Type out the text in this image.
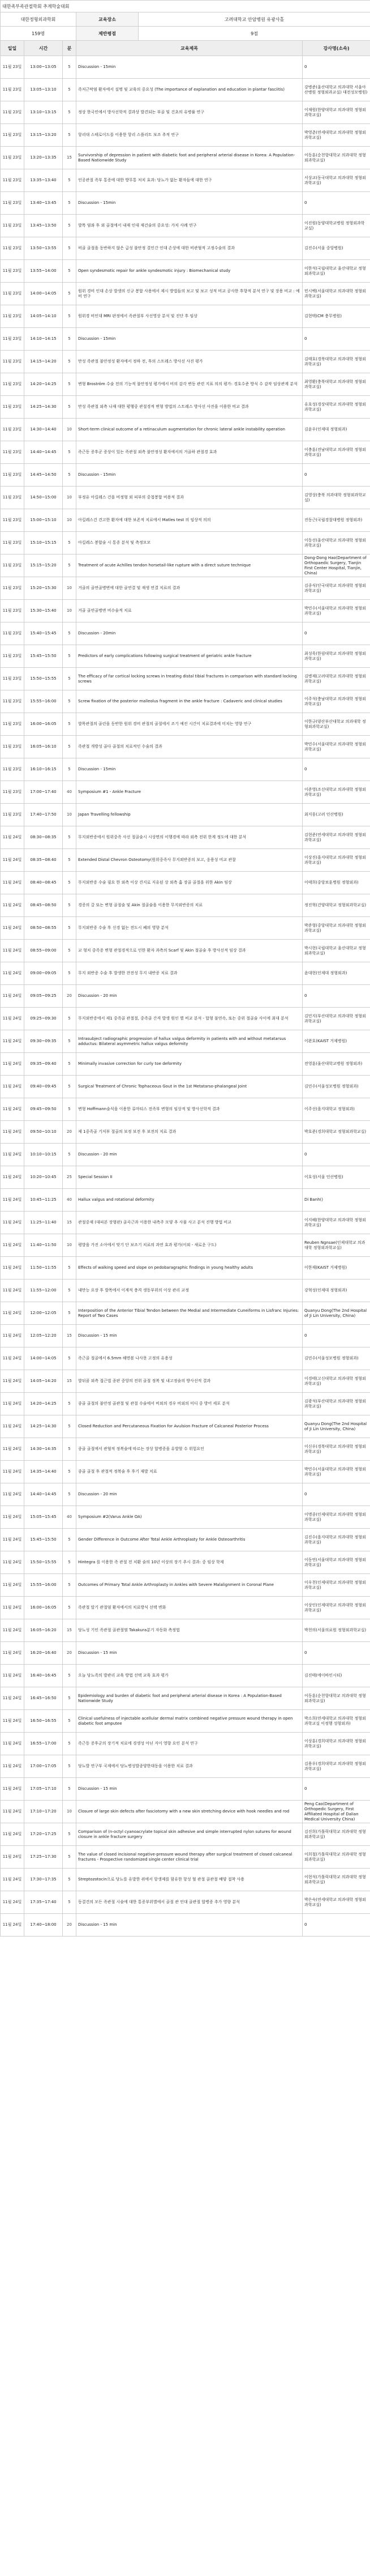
대한족부족관절학회 추계학술대회					
대한정형외과학회			교육장소	고려대학교 안암병원 유광사홀	
159명			제반평점	9점	
일일	시간	분	교육제목		강사명(소속)
11월 23일	13:00~13:05	5	Discussion - 15min		0
11월 23일	13:05~13:10	5	족저근막염 환자에서 설명 및 교육의 중요성 (The importance of explanation and education in plantar fasciitis)		강병준(울산대학교 의과대학 서울아산병원 정형외과교실) 대전성모병원)
11월 23일	13:10~13:15	5	정상 한국인에서 방사선학적 결과상 발견되는 부골 및 건초의 유병률 연구		이재원(한양대학교 의과대학 정형외과학교실)
11월 23일	13:15~13:20	5	항리대 스테로이드를 이용한 항리 스플리트 보조 추적 연구		박영춘(연세대학교 의과대학 정형외과학교실)
11월 23일	13:20~13:35	15	Survivorship of depression in patient with diabetic foot and peripheral arterial disease in Korea: A Population-Based Nationwide Study		이동훈(순천향대학교 의과대학 정형외과학교실)
11월 23일	13:35~13:40	5	인공관절 족부 통증에 대한 방무통 처치 효과: 당뇨가 없는 환자들에 대한 연구		서상교(동국대학교 의과대학 정형외과학교실)
11월 23일	13:40~13:45	5	Discussion - 15min		0
11월 23일	13:45~13:50	5	발목 염좌 후 외 골절에서 내재 인대 재건술의 중요성: 가치 사례 연구		이진원(동양대학교병원 정형외과학교실)
11월 23일	13:50~13:55	5	비골 골절을 동반하지 않은 급성 불안정 결인간 인대 손상에 대한 비관혈적 고정수술의 결과		김진수(서울 중앙병원)
11월 23일	13:55~14:00	5	Open syndesmotic repair for ankle syndesmotic injury : Biomechanical study		이한석(국립대학교 울산대학교 정형외과학교실)
11월 23일	14:00~14:05	5	원위 경비 인대 손상 발생의 신규 봉합 사용에서 제시 방법들의 보고 및 보고 성적 비교 공사한 후향적 분석 연구 및 장용 비교 : 예비 연구		민시백(서울대학교 의과대학 정형외과학교실)
11월 23일	14:05~14:10	5	원위경 비인대 MRI 판정에서 족관절부 사선영상 분석 및 진단 후 임상		김현택(CM 충무병원)
11월 23일	14:10~14:15	5	Discussion - 15min		0
11월 23일	14:15~14:20	5	만성 족관절 불안정성 환자에서 정하 전, 후의 스트레스 방사선 사진 평가		김태호(경북대학교 의과대학 정형외과학교실)
11월 23일	14:20~14:25	5	변형 Broström 수술 전의 기능적 불안정성 평가에서 비의 감각 변동 관련 지표 의의 평가: 경호수준 방식 수 감작 임상관계 분석		최영환(충북대학교 의과대학 정형외과학교실)
11월 23일	14:25~14:30	5	만성 족관절 외측 나재 대한 평행중 관절경적 변형 방법의 스트레스 방사선 사진을 이용한 비교 결과		유호성(경상대학교 의과대학 정형외과학교실)
11월 23일	14:30~14:40	10	Short-term clinical outcome of a retinaculum augmentation for chronic lateral ankle instability operation		김윤우(인제대 정형외과)
11월 23일	14:40~14:45	5	족근동 증후군 증상이 있는 족관절 외측 불안정성 환자에서의 거골하 관절경 효과		이충훈(전남대학교 의과대학 정형외과학교실)
11월 23일	14:45~14:50	5	Discussion - 15min		0
11월 23일	14:50~15:00	10	부정유 아킬레스 건을 비정형 외 피부의 중첩봉합 비용적 결과		김영상(충북 의과대학 정형외과학교실)
11월 23일	15:00~15:10	10	아킬레스건 견고한 환자에 대한 보존적 치료에서 Matles test 의 임상적 의의		진동근(국립경찰대병원 정형외과)
11월 23일	15:10~15:15	5	아킬레스 봉합술 시 통증 분석 및 측정모모		이동선(울산대학교 의과대학 정형외과학교실)
11월 23일	15:15~15:20	5	Treatment of acute Achilles tendon horsetail-like rupture with a direct suture technique		Dong-Dong Hao(Department of Orthopaedic Surgery, Tianjin First Center Hospital, Tianjin, China)
11월 23일	15:20~15:30	10	거골의 골연골병변에 대한 골연결 및 재생 연결 치료의 결과		김종식(단국대학교 의과대학 정형외과학교실)
11월 23일	15:30~15:40	10	거골 골연골병변 비수술적 치료		박민수(서울대학교 의과대학 정형외과학교실)
11월 23일	15:40~15:45	5	Discussion - 20min		0
11월 23일	15:45~15:50	5	Predictors of early complications following surgical treatment of geriatric ankle fracture		최성욱(한림대학교 의과대학 정형외과학교실)
11월 23일	15:50~15:55	5	The efficacy of far cortical locking screws in treating distal tibial fractures in comparison with standard locking screws		김병재(고려대학교 의과대학 정형외과학교실)
11월 23일	15:55~16:00	5	Screw fixation of the posterior malleolus fragment in the ankle fracture : Cadaveric and clinical studies		이주석(충남대학교 의과대학 정형외과학교실)
11월 23일	16:00~16:05	5	발목관절의 골린을 동반한 원위 경비 관절의 골절에서 조기 예진 시간이 치료결과에 미치는 영향 연구		이한규(양산부산대학교 의과대학 정형외과학교실)
11월 23일	16:05~16:10	5	족관절 개방성 골다 골절의 치료적인 수술의 결과		박민수(서울대학교 의과대학 정형외과학교실)
11월 23일	16:10~16:15	5	Discussion - 15min		0
11월 23일	17:00~17:40	40	Symposium #1 - Ankle Fracture		이준영(조선대학교 의과대학 정형외과학교실)
11월 23일	17:40~17:50	10	Japan Travelling fellowship		최지웅(고려 인산병원)
11월 24일	08:30~08:35	5	무지외반증에서 원위중족 사선 절골술시 시상면의 이행경에 따라 외측 전위 한계 정도에 대한 분석		김현준(연세대학교 의과대학 정형외과학교실)
11월 24일	08:35~08:40	5	Extended Distal Chevron Osteotomy(원위중족사 무지외반증의 보고, 응용성 비교 관찰		이상진(을지대학교 의과대학 정형외과학교실)
11월 24일	08:40~08:45	5	무지외반증 수술 필요 한 외측 이상 견지로 지유된 상 외측 홈 장골 골절을 위한 Akin 임상		이태희(중앙보훈병원 정형외과)
11월 24일	08:45~08:50	5	경증의 갈 또는 변형 골절술 및 Akin 절골술을 이용한 무지외반증의 치료		정진혁(건양대학교 정형외과학교실)
11월 24일	08:50~08:55	5	무지외반증 수술 후 신경 없는 전도시 폐의 영향 분석		박준형(중앙대학교 의과대학 정형외과학교실)
11월 24일	08:55~09:00	5	교 형치 중족증 변형 관절경적으로 인한 환자 과측의 Scarf 및 Akin 절골술 후 방사선적 임상 결과		박시현(국립대학교 울산대학교 정형외과학교실)
11월 24일	09:00~09:05	5	무지 외반증 수술 후 발생한 잔전성 무지 내반증 치료 결과		윤대현(인제대 정형외과)
11월 24일	09:05~09:25	20	Discussion - 20 min		0
11월 24일	09:25~09:30	5	무지외반증에서 제1 중족골 관절절, 중족골 간격 발생 원인 별 비교 분석 - 합형 불연속, 또는 중위 절골술 사이에 최대 분석		김민지(부산대학교 의과대학 정형외과학교실)
11월 24일	09:30~09:35	5	Intrasubject radiographic progression of hallux valgus deformity in patients with and without metatarsus adductus: Bilateral asymmetric hallux valgus deformity		이완호(KAIST 거제병원)
11월 24일	09:35~09:40	5	Minimally invasive correction for curly toe deformity		전영훈(울산대학교병원 정형외과)
11월 24일	09:40~09:45	5	Surgical Treatment of Chronic Tophaceous Gout in the 1st Metatarso-phalangeal Joint		김민수(서울성모병원 정형외과)
11월 24일	09:45~09:50	5	변형 Hoffmann술식을 이용한 류마티스 전족부 변형의 임상적 및 방사선학적 결과		이주선(을지대학교 정형외과)
11월 24일	09:50~10:10	20	제 1중족골 기저부 절골의 보정 보전 후 보전의 치료 결과		박호준(경희대학교 정형외과학교실)
11월 24일	10:10~10:15	5	Discussion - 20 min		0
11월 24일	10:20~10:45	25	Special Session II		이호성(서울 인산병원)
11월 24일	10:45~11:25	40	Hallux valgus and rotational deformity		Di Banh()
11월 24일	11:25~11:40	15	관절중재 (대피본 장형판) 골곡근과 이용한 내측주 모양 추 사물 사고 분석 진행 방법 비교		이지혜(한양대학교 의과대학 정형외과학교실)
11월 24일	11:40~11:50	10	평발을 가진 소아에서 맞기 단 보조기 치료의 과연 효과 평가(이외 - 새로운 구도)		Reuben Ngnsae(인제대학교 의과대학 정형외과학교실)
11월 24일	11:50~11:55	5	Effects of walking speed and slope on pedobaragraphic findings in young healthy adults		이한재(KAIST 거제병원)
11월 24일	11:55~12:00	5	내만능 요장 후 발목에서 이계적 충격 생동부위의 이상 관리 교정		강혁성(인제대 정형외과)
11월 24일	12:00~12:05	5	Interposition of the Anterior Tibial Tendon between the Medial and Intermediate Cuneiforms in Lisfranc Injuries: Report of Two Cases		Quanyu Dong(The 2nd Hospital of Ji Lin University, China)
11월 24일	12:05~12:20	15	Discussion - 15 min		0
11월 24일	14:00~14:05	5	족근골 절골에서 6.5mm 해면볼 나사못 고정의 유용성		김민수(서울성모병원 정형외과)
11월 24일	14:05~14:20	15	발뒤꿈 외측 접근법 종판 중앙의 전위 골절 정복 및 내고정술의 방사선적 결과		이경태(고신대학교 의과대학 정형외과학교실)
11월 24일	14:20~14:25	5	종골 골절의 불안정 골관절 및 관절 수술에서 비외의 경우 비외의 미디 중 방어 세포 분석		김광석(부산대학교 의과대학 정형외과학교실)
11월 24일	14:25~14:30	5	Closed Reduction and Percutaneous Fixation for Avulsion Fracture of Calcaneal Posterior Process		Quanyu Dong(The 2nd Hospital of Ji Lin University, China)
11월 24일	14:30~14:35	5	종골 골절에서 관혈적 정복술에 따르는 장상 합병증을 유발할 수 위험요인		이신우(경북대학교 의과대학 정형외과학교실)
11월 24일	14:35~14:40	5	종골 골절 후 관절적 정복술 후 후기 재발 치료		박민수(서울대학교 의과대학 정형외과학교실)
11월 24일	14:40~14:45	5	Discussion - 20 min		0
11월 24일	15:05~15:45	40	Symposium #2(Varus Ankle OA)		이명종(인제대학교 의과대학 정형외과학교실)
11월 24일	15:45~15:50	5	Gender Difference in Outcome After Total Ankle Arthroplasty for Ankle Osteoarthritis		김진수(을지대학교 의과대학 정형외과학교실)
11월 24일	15:50~15:55	5	Hintegra 를 이용한 족 관절 전 치환 술의 10년 이상의 장기 추시 결과: 중 임상 학제		이동연(서울대학교 의과대학 정형외과학교실)
11월 24일	15:55~16:00	5	Outcomes of Primary Total Ankle Arthroplasty in Ankles with Severe Malalignment in Coronal Plane		이우천(인제대학교 의과대학 정형외과학교실)
11월 24일	16:00~16:05	5	족관절 말기 관절염 환자에서의 치료방식 선택 변화		이상인(인제대학교 의과대학 정형외과학교실)
11월 24일	16:05~16:20	15	당뇨성 기인 족관절 골관절염 Takakura분기 자동화 측정법		박천의(서울의료원 정형외과학교실)
11월 24일	16:20~16:40	20	Discussion - 15 min		0
11월 24일	16:40~16:45	5	오늘 당뇨족의 발관리 교육 방법 선택 교육 효과 평가		김진태(에이바인시티)
11월 24일	16:45~16:50	5	Epidemiology and burden of diabetic foot and peripheral arterial disease in Korea : A Population-Based Nationwide Study		이동훈(순천향대학교 의과대학 정형외과학교실)
11월 24일	16:50~16:55	5	Clinical usefulness of injectable acellular dermal matrix combined negative pressure wound therapy in open diabetic foot amputee		박소희(연세대학교 의과대학 정형외과학교실 이정행 성형외과)
11월 24일	16:55~17:00	5	족근동 증후군의 장기적 치료에 경생성 아닌 지이 영향 요인 분석 연구		이상훈(경희대학교 의과대학 정형외과학교실)
11월 24일	17:00~17:05	5	당뇨발 연구부 국제에서 당뇨병성발종양한대동을 이용한 치료 결과		김용우(경희대학교 의과대학 정형외과학교실)
11월 24일	17:05~17:10	5	Discussion - 15 min		0
11월 24일	17:10~17:20	10	Closure of large skin defects after fasciotomy with a new skin stretching device with hook needles and rod		Peng Cao(Department of Orthopedic Surgery, First Affiliated Hospital of Dalian Medical University China)
11월 24일	17:20~17:25	5	Comparison of (n-octyl cyanoacrylate topical skin adhesive and simple interrupted nylon sutures for wound closure in ankle fracture surgery		김진희(가톨릭대학교 의과대학 정형외과학교실)
11월 24일	17:25~17:30	5	The value of closed incisional negative-pressure wound therapy after surgical treatment of closed calcaneal fractures - Prospective randomized single center clinical trial		이희철(가톨릭대학교 의과대학 정형외과학교실)
11월 24일	17:30~17:35	5	Streptozotocin으로 당뇨를 유발한 쥐에서 항생제를 함유한 항성 혈 관절 골관절 배양 접착 사용		이현석(가톨릭대학교 의과대학 정형외과학교실)
11월 24일	17:35~17:40	5	동결견의 모든 족관절 시술에 대한 통증부위별에서 골절 관 인대 골관절 합병증 추가 영향 분석		박은숙(연세대학교 의과대학 정형외과학교실)
11월 24일	17:40~18:00	20	Discussion - 15 min		0
